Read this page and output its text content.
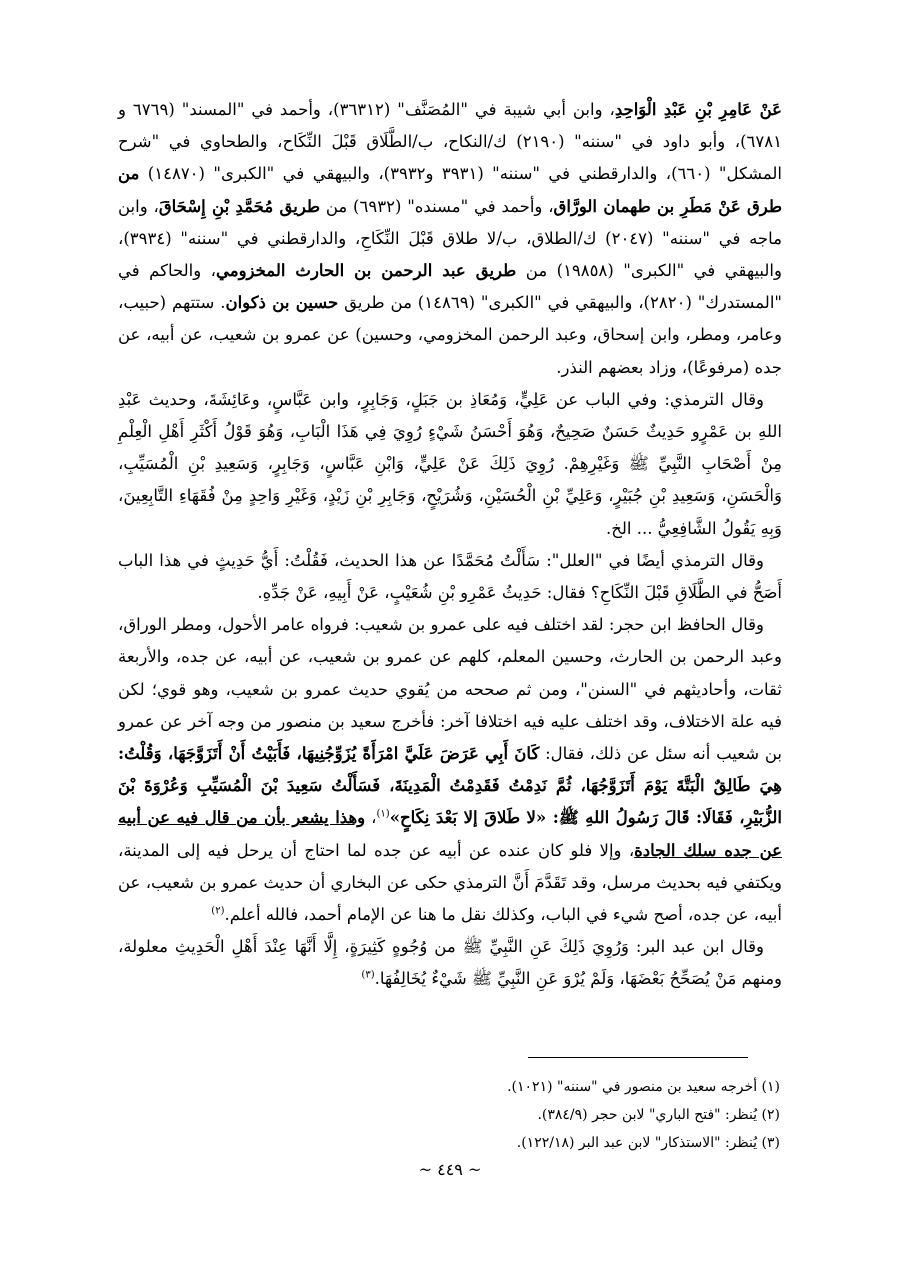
عَنْ عَامِرِ بْنِ عَبْدِ الْوَاحِدِ، وابن أبي شيبة في "المُصَنَّف" (٣٦٣١٢)، وأحمد في "المسند" (٦٧٦٩ و ٦٧٨١)، وأبو داود في "سننه" (٢١٩٠) ك/النكاح، ب/الطَّلَاق قَبْلَ النِّكَاح، والطحاوي في "شرح المشكل" (٦٦٠)، والدارقطني في "سننه" (٣٩٣١ و٣٩٣٢)، والبيهقي في "الكبرى" (١٤٨٧٠) من طرق عَنْ مَطَرِ بن طهمان الورَّاق، وأحمد في "مسنده" (٦٩٣٢) من طريق مُحَمَّدِ بْنِ إِسْحَاقَ، وابن ماجه في "سننه" (٢٠٤٧) ك/الطلاق، ب/لا طلاق قَبْلَ النِّكَاحِ، والدارقطني في "سننه" (٣٩٣٤)، والبيهقي في "الكبرى" (١٩٨٥٨) من طريق عبد الرحمن بن الحارث المخزومي، والحاكم في "المستدرك" (٢٨٢٠)، والبيهقي في "الكبرى" (١٤٨٦٩) من طريق حسين بن ذكوان. ستتهم (حبيب، وعامر، ومطر، وابن إسحاق، وعبد الرحمن المخزومي، وحسين) عن عمرو بن شعيب، عن أبيه، عن جده (مرفوعًا)، وزاد بعضهم النذر.

وقال الترمذي: وفي الباب عن عَلِيٍّ، وَمُعَاذِ بن جَبَلٍ، وَجَابِرٍ، وابن عَبَّاسٍ، وعَائِشَةَ، وحديث عَبْدِ اللهِ بن عَمْرٍو حَدِيثٌ حَسَنٌ صَحِيحٌ، وَهُوَ أَحْسَنُ شَيْءٍ رُوِيَ فِي هَذَا الْبَابِ، وَهُوَ قَوْلُ أَكْثَرِ أَهْلِ الْعِلْمِ مِنْ أَصْحَابِ النَّبِيِّ ﷺ وَغَيْرِهِمْ. رُوِيَ ذَلِكَ عَنْ عَلِيٍّ، وَابْنِ عَبَّاسٍ، وَجَابِرٍ، وَسَعِيدِ بْنِ الْمُسَيِّبِ، وَالْحَسَنِ، وَسَعِيدِ بْنِ جُبَيْرٍ، وَعَلِيِّ بْنِ الْحُسَيْنِ، وَشُرَيْحٍ، وَجَابِرِ بْنِ زَيْدٍ، وَغَيْرِ وَاحِدٍ مِنْ فُقَهَاءِ التَّابِعِينَ، وَبِهِ يَقُولُ الشَّافِعِيُّ ... الخ.

وقال الترمذي أيضًا في "العلل": سَأَلْتُ مُحَمَّدًا عن هذا الحديث، فَقُلْتُ: أَيُّ حَدِيثٍ في هذا الباب أَصَحُّ في الطَّلَاقِ قَبْلَ النِّكَاحِ؟ فقال: حَدِيثُ عَمْرِو بْنِ شُعَيْبٍ، عَنْ أَبِيهِ، عَنْ جَدِّهِ.

وقال الحافظ ابن حجر: لقد اختلف فيه على عمرو بن شعيب: فرواه عامر الأحول، ومطر الوراق، وعبد الرحمن بن الحارث، وحسين المعلم، كلهم عن عمرو بن شعيب، عن أبيه، عن جده، والأربعة ثقات، وأحاديثهم في "السنن"، ومن ثم صححه من يُقوي حديث عمرو بن شعيب، وهو قوي؛ لكن فيه علة الاختلاف، وقد اختلف عليه فيه اختلافا آخر: فأخرج سعيد بن منصور من وجه آخر عن عمرو بن شعيب أنه سئل عن ذلك، فقال: كَانَ أَبِي عَرَضَ عَلَيَّ امْرَأَةً يُزَوِّجُنِيهَا، فَأَبَيْتُ أَنْ أَتَزَوَّجَهَا، وَقُلْتُ: هِيَ طَالِقٌ الْبَتَّةَ يَوْمَ أَتَزَوَّجُهَا، ثُمَّ نَدِمْتُ فَقَدِمْتُ الْمَدِينَةَ، فَسَأَلْتُ سَعِيدَ بْنَ الْمُسَيِّبِ وَعُرْوَةَ بْنَ الزُّبَيْرِ، فَقَالَا: قَالَ رَسُولُ اللهِ ﷺ: «لا طَلاقَ إلا بَعْدَ نِكَاحٍ»$^{(١)}$، وهذا يشعر بأن من قال فيه عن أبيه عن جده سلك الجادة، وإلا فلو كان عنده عن أبيه عن جده لما احتاج أن يرحل فيه إلى المدينة، ويكتفي فيه بحديث مرسل، وقد تَقَدَّمَ أَنَّ الترمذي حكى عن البخاري أن حديث عمرو بن شعيب، عن أبيه، عن جده، أصح شيء في الباب، وكذلك نقل ما هنا عن الإمام أحمد، فالله أعلم.$^{(٢)}$

وقال ابن عبد البر: وَرُوِيَ ذَلِكَ عَنِ النَّبِيِّ ﷺ من وُجُوهٍ كَثِيرَةٍ، إِلَّا أَنَّهَا عِنْدَ أَهْلِ الْحَدِيثِ معلولة، ومنهم مَنْ يُصَحِّحُ بَعْضَهَا، وَلَمْ يُرْوَ عَنِ النَّبِيِّ ﷺ شَيْءٌ يُخَالِفُهَا.$^{(٣)}$

(١) أخرجه سعيد بن منصور في "سننه" (١٠٢١).
(٢) يُنظر: "فتح الباري" لابن حجر (٣٨٤/٩).
(٣) يُنظر: "الاستذكار" لابن عبد البر (١٢٢/١٨).
~ ٤٤٩ ~
